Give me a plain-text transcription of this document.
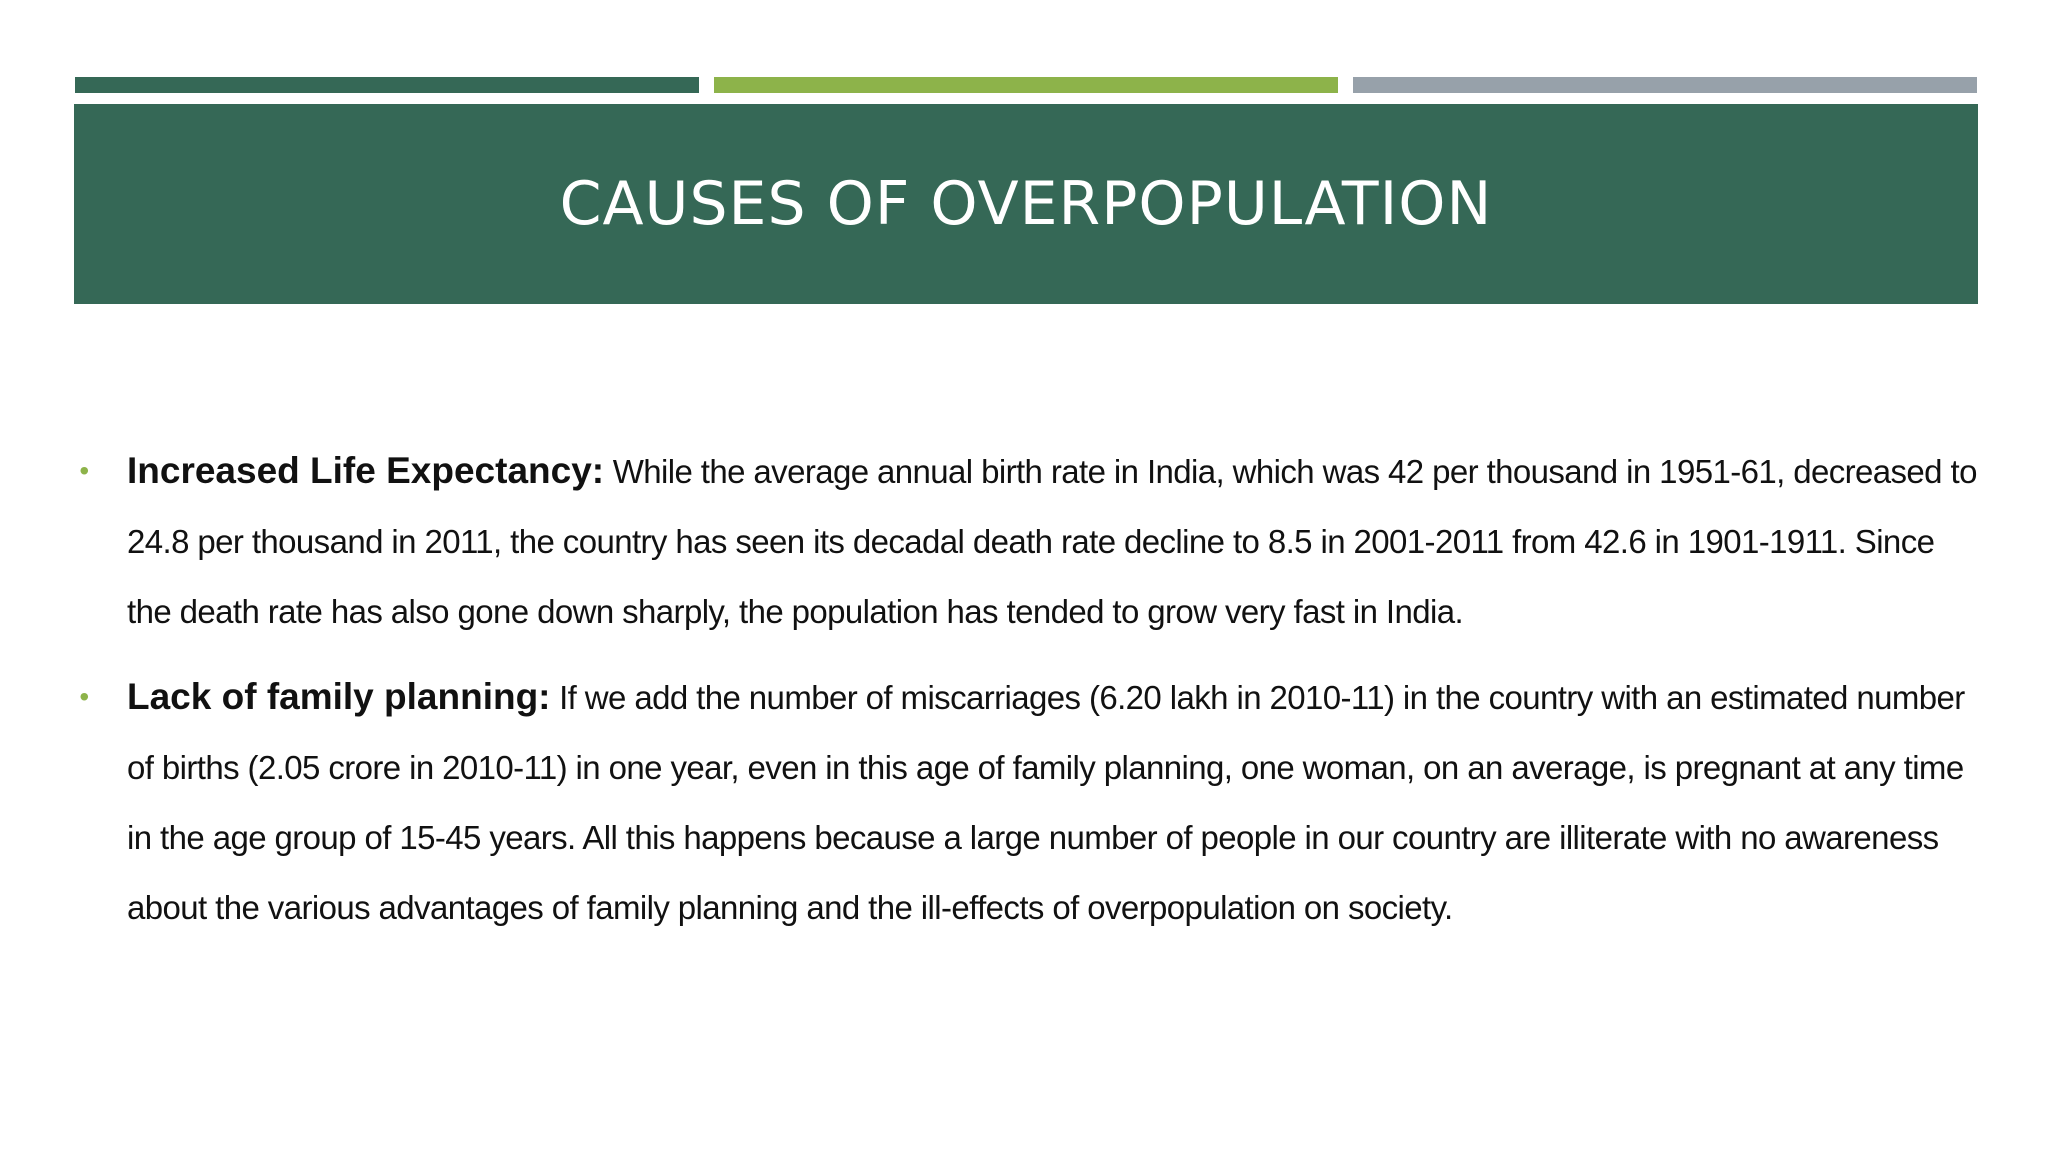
CAUSES OF OVERPOPULATION
• Increased Life Expectancy: While the average annual birth rate in India, which was 42 per thousand in 1951-61, decreased to 24.8 per thousand in 2011, the country has seen its decadal death rate decline to 8.5 in 2001-2011 from 42.6 in 1901-1911. Since the death rate has also gone down sharply, the population has tended to grow very fast in India.
• Lack of family planning: If we add the number of miscarriages (6.20 lakh in 2010-11) in the country with an estimated number of births (2.05 crore in 2010-11) in one year, even in this age of family planning, one woman, on an average, is pregnant at any time in the age group of 15-45 years. All this happens because a large number of people in our country are illiterate with no awareness about the various advantages of family planning and the ill-effects of overpopulation on society.
